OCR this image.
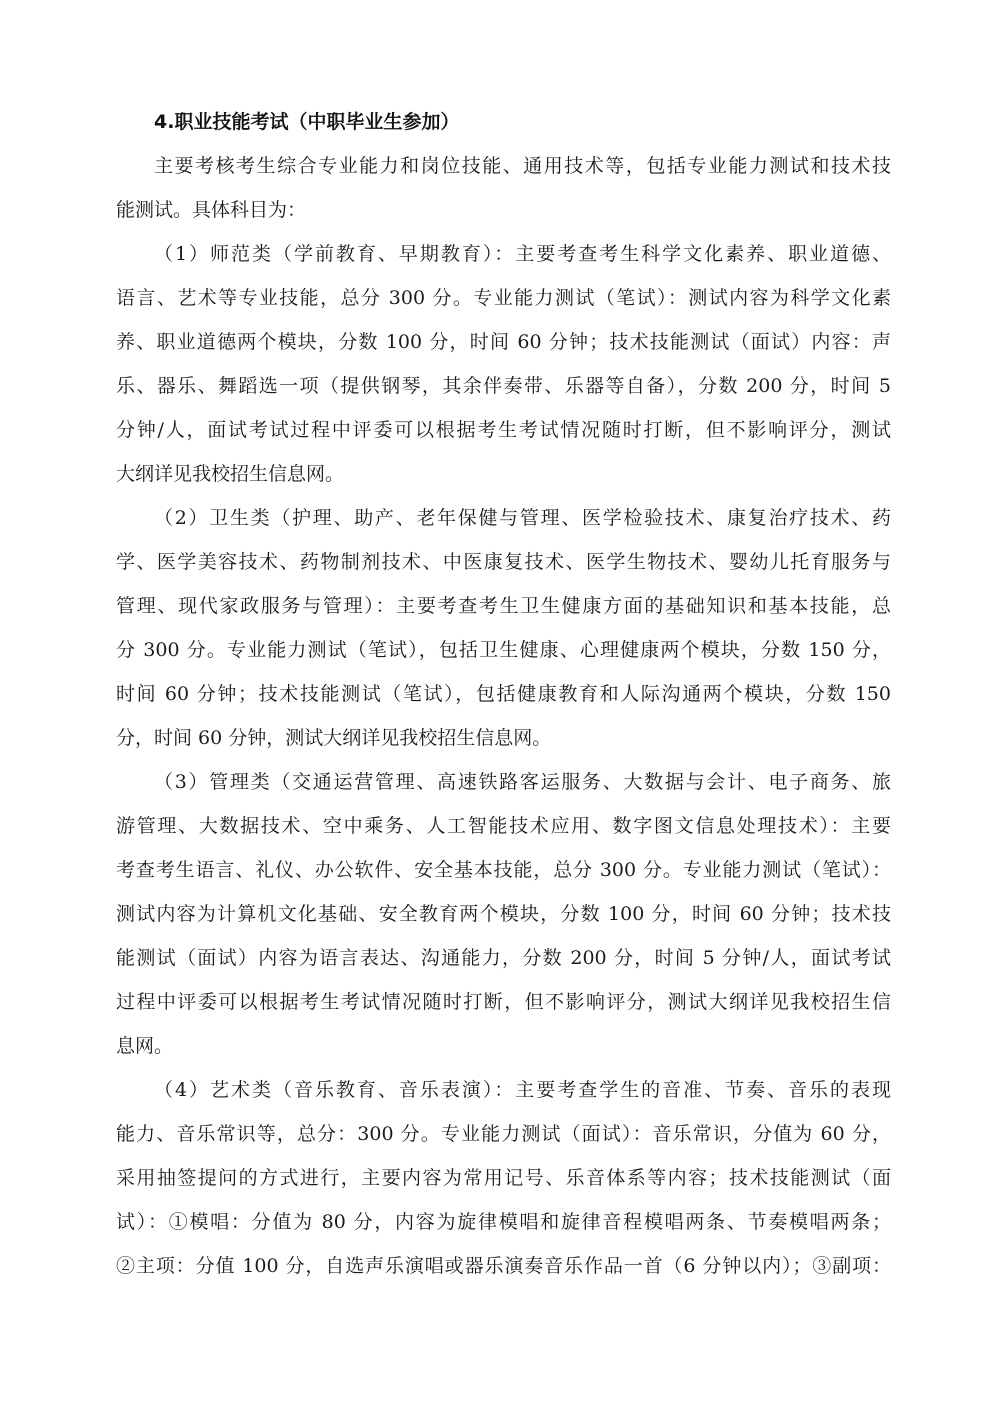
4.职业技能考试（中职毕业生参加）
主要考核考生综合专业能力和岗位技能、通用技术等，包括专业能力测试和技术技
能测试。具体科目为：
（1）师范类（学前教育、早期教育）：主要考查考生科学文化素养、职业道德、
语言、艺术等专业技能，总分 300 分。专业能力测试（笔试）：测试内容为科学文化素
养、职业道德两个模块，分数 100 分，时间 60 分钟；技术技能测试（面试）内容：声
乐、器乐、舞蹈选一项（提供钢琴，其余伴奏带、乐器等自备），分数 200 分，时间 5
分钟/人，面试考试过程中评委可以根据考生考试情况随时打断，但不影响评分，测试
大纲详见我校招生信息网。
（2）卫生类（护理、助产、老年保健与管理、医学检验技术、康复治疗技术、药
学、医学美容技术、药物制剂技术、中医康复技术、医学生物技术、婴幼儿托育服务与
管理、现代家政服务与管理）：主要考查考生卫生健康方面的基础知识和基本技能，总
分 300 分。专业能力测试（笔试），包括卫生健康、心理健康两个模块，分数 150 分，
时间 60 分钟；技术技能测试（笔试），包括健康教育和人际沟通两个模块，分数 150
分，时间 60 分钟，测试大纲详见我校招生信息网。
（3）管理类（交通运营管理、高速铁路客运服务、大数据与会计、电子商务、旅
游管理、大数据技术、空中乘务、人工智能技术应用、数字图文信息处理技术）：主要
考查考生语言、礼仪、办公软件、安全基本技能，总分 300 分。专业能力测试（笔试）：
测试内容为计算机文化基础、安全教育两个模块，分数 100 分，时间 60 分钟；技术技
能测试（面试）内容为语言表达、沟通能力，分数 200 分，时间 5 分钟/人，面试考试
过程中评委可以根据考生考试情况随时打断，但不影响评分，测试大纲详见我校招生信
息网。
（4）艺术类（音乐教育、音乐表演）：主要考查学生的音准、节奏、音乐的表现
能力、音乐常识等，总分：300 分。专业能力测试（面试）：音乐常识，分值为 60 分，
采用抽签提问的方式进行，主要内容为常用记号、乐音体系等内容；技术技能测试（面
试）：①模唱：分值为 80 分，内容为旋律模唱和旋律音程模唱两条、节奏模唱两条；
②主项：分值 100 分，自选声乐演唱或器乐演奏音乐作品一首（6 分钟以内）；③副项：
